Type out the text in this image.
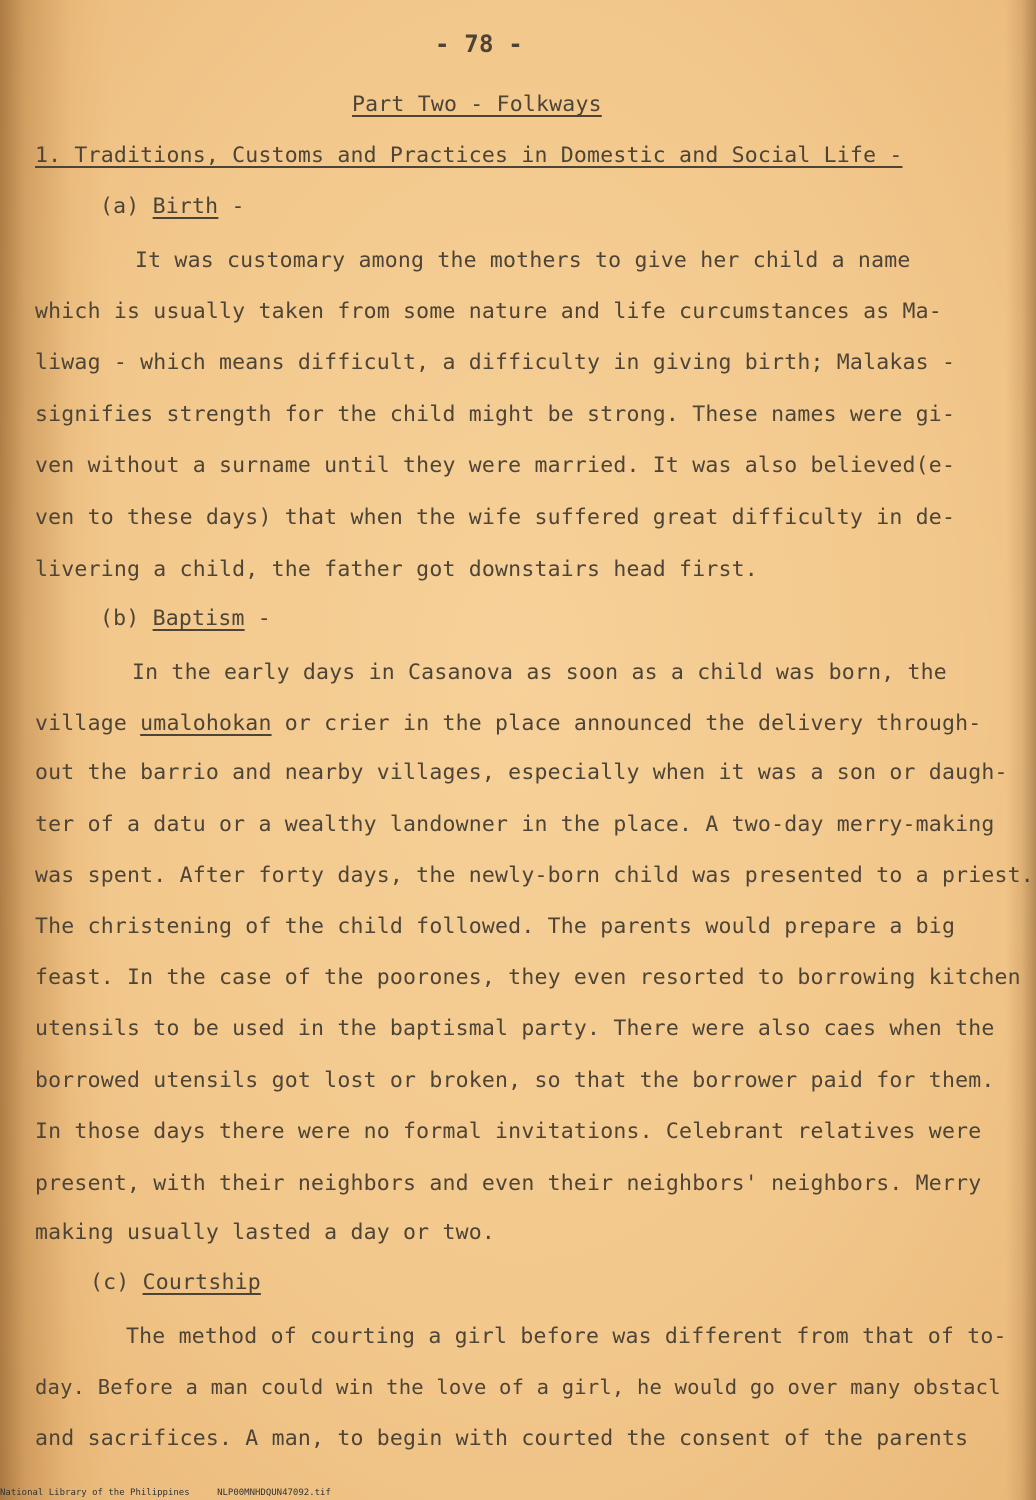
- 78 -
Part Two - Folkways
1. Traditions, Customs and Practices in Domestic and Social Life -
(a) Birth -
It was customary among the mothers to give her child a name
which is usually taken from some nature and life curcumstances as Ma-
liwag - which means difficult, a difficulty in giving birth; Malakas -
signifies strength for the child might be strong. These names were gi-
ven without a surname until they were married. It was also believed(e-
ven to these days) that when the wife suffered great difficulty in de-
livering a child, the father got downstairs head first.
(b) Baptism -
In the early days in Casanova as soon as a child was born, the
village umalohokan or crier in the place announced the delivery through-
out the barrio and nearby villages, especially when it was a son or daugh-
ter of a datu or a wealthy landowner in the place. A two-day merry-making
was spent. After forty days, the newly-born child was presented to a priest.
The christening of the child followed. The parents would prepare a big
feast. In the case of the poorones, they even resorted to borrowing kitchen
utensils to be used in the baptismal party. There were also caes when the
borrowed utensils got lost or broken, so that the borrower paid for them.
In those days there were no formal invitations. Celebrant relatives were
present, with their neighbors and even their neighbors' neighbors. Merry
making usually lasted a day or two.
(c) Courtship
The method of courting a girl before was different from that of to-
day. Before a man could win the love of a girl, he would go over many obstacl
and sacrifices. A man, to begin with courted the consent of the parents
National Library of the Philippines	NLP00MNHDQUN47092.tif
